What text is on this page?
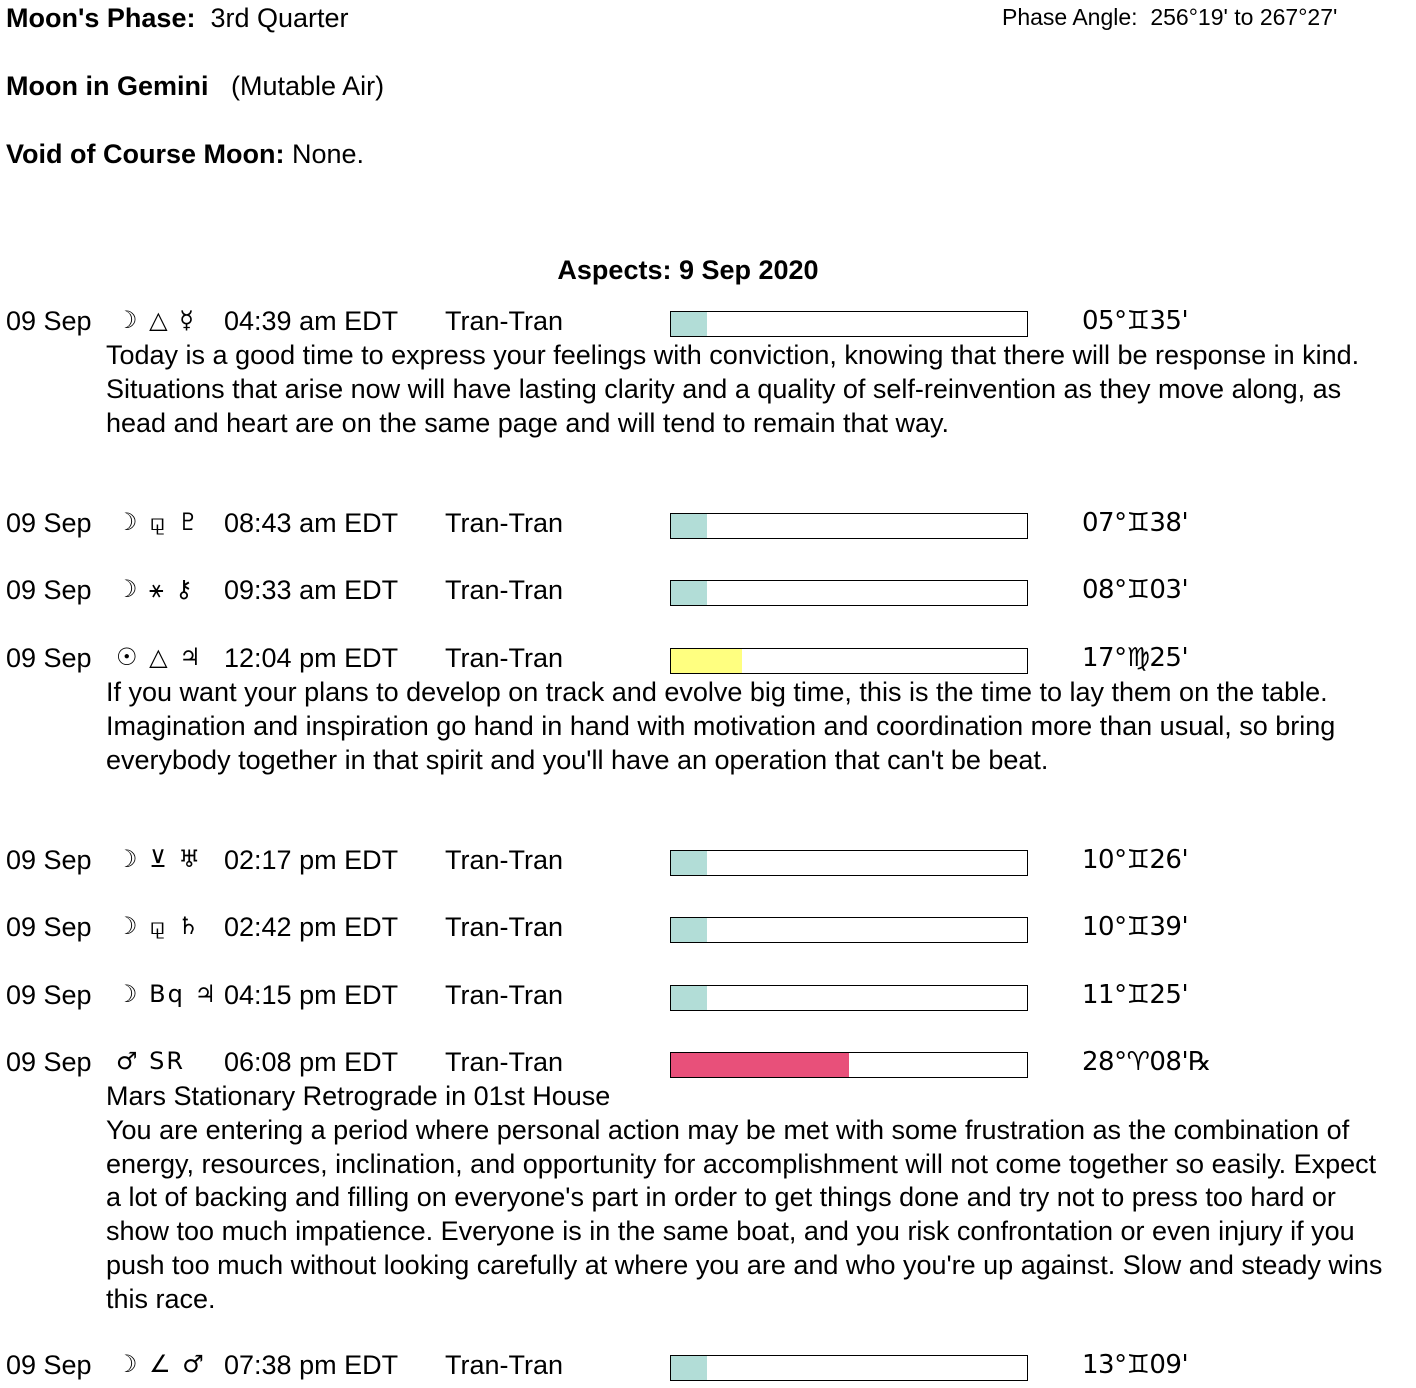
Moon's Phase: 3rd Quarter	Phase Angle: 256°19' to 267°27'
Moon in Gemini (Mutable Air)
Void of Course Moon: None.
Aspects: 9 Sep 2020
09 Sep ☽ △ ☿	04:39 am EDT Tran-Tran	05°♊35'

Today is a good time to express your feelings with conviction, knowing that there will be response in kind. Situations that arise now will have lasting clarity and a quality of self-reinvention as they move along, as head and heart are on the same page and will tend to remain that way.

09 Sep ☽ ⚼ ♇ 08:43 am EDT Tran-Tran	07°♊38'
09 Sep ☽ ⚹ ⚷	09:33 am EDT Tran-Tran	08°♊03'
09 Sep ☉ △ ♃ 12:04 pm EDT Tran-Tran	17°♍25'

If you want your plans to develop on track and evolve big time, this is the time to lay them on the table. Imagination and inspiration go hand in hand with motivation and coordination more than usual, so bring everybody together in that spirit and you'll have an operation that can't be beat.

09 Sep ☽ ⊻ ♅ 02:17 pm EDT Tran-Tran	10°♊26'
09 Sep ☽ ⚼ ♄ 02:42 pm EDT Tran-Tran	10°♊39'
09 Sep ☽ Bq ♃ 04:15 pm EDT Tran-Tran	11°♊25'
09 Sep ♂ SR	06:08 pm EDT Tran-Tran	28°♈08'℞

Mars Stationary Retrograde in 01st House

You are entering a period where personal action may be met with some frustration as the combination of energy, resources, inclination, and opportunity for accomplishment will not come together so easily. Expect a lot of backing and filling on everyone's part in order to get things done and try not to press too hard or show too much impatience. Everyone is in the same boat, and you risk confrontation or even injury if you push too much without looking carefully at where you are and who you're up against. Slow and steady wins this race.

09 Sep ☽ ∠ ♂ 07:38 pm EDT Tran-Tran	13°♊09'
